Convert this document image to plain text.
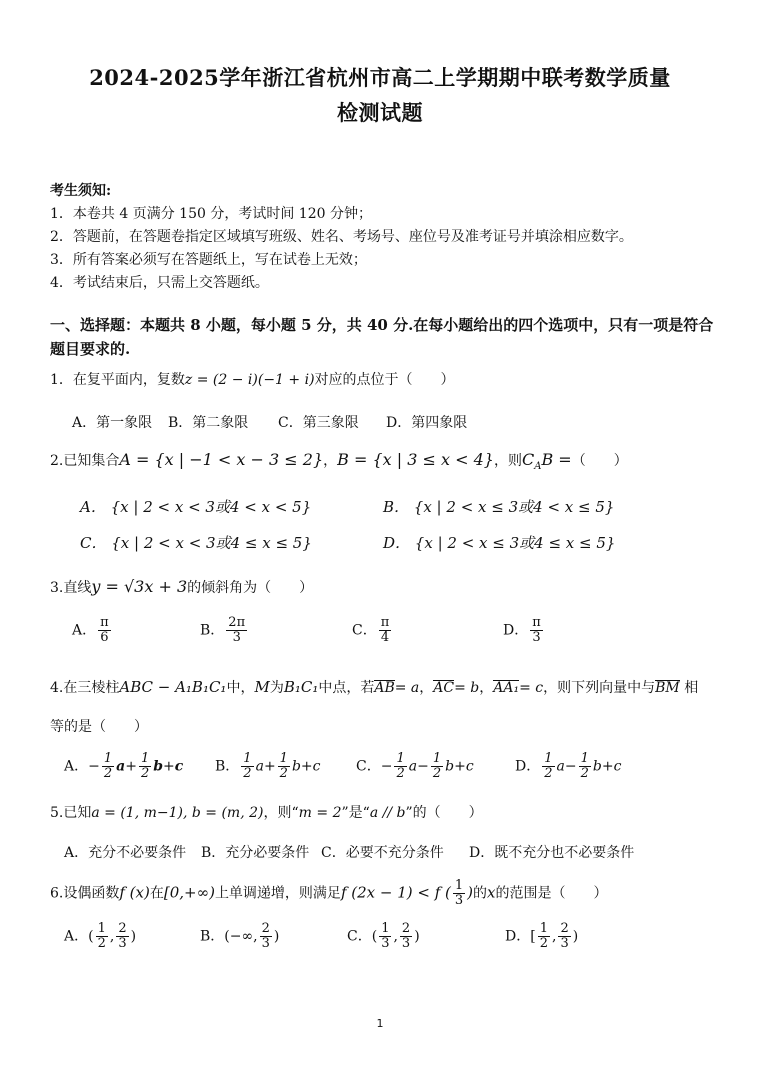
2024-2025学年浙江省杭州市高二上学期期中联考数学质量
检测试题
考生须知:
1．本卷共 4 页满分 150 分，考试时间 120 分钟；
2．答题前，在答题卷指定区域填写班级、姓名、考场号、座位号及准考证号并填涂相应数字。
3．所有答案必须写在答题纸上，写在试卷上无效；
4．考试结束后，只需上交答题纸。
一、选择题：本题共 8 小题，每小题 5 分，共 40 分.在每小题给出的四个选项中，只有一项是符合题目要求的.
1．在复平面内，复数z = (2 − i)(−1 + i)对应的点位于（　　）
A．第一象限 B．第二象限 C．第三象限 D．第四象限
2.已知集合A = {x | −1 < x − 3 ≤ 2}，B = {x | 3 ≤ x < 4}，则$C_AB$ =（　　）
A． {x | 2 < x < 3或4 < x < 5}	B． {x | 2 < x ≤ 3或4 < x ≤ 5}
C． {x | 2 < x < 3或4 ≤ x ≤ 5}	D． {x | 2 < x ≤ 3或4 ≤ x ≤ 5}
3.直线y = √3x + 3的倾斜角为（　　）
A． $\frac{\pi}{6}$	B． $\frac{2\pi}{3}$	C． $\frac{\pi}{4}$	D． $\frac{\pi}{3}$
4.在三棱柱ABC − A₁B₁C₁中，M为B₁C₁中点，若AB= a，AC= b，AA₁= c，则下列向量中与BM 相
等的是（　　）
A．− $\frac{1}{2} a+ \frac{1}{2} b+c$ B． $\frac{1}{2} a+ \frac{1}{2} b+c$	C．− $\frac{1}{2} a- \frac{1}{2} b+c$	D． $\frac{1}{2} a- \frac{1}{2} b+c$
5.已知a = (1, m−1), b = (m, 2)，则“m = 2”是“a // b”的（　　）
A．充分不必要条件 B．充分必要条件 C．必要不充分条件 D．既不充分也不必要条件
6.设偶函数f (x)在[0,+∞)上单调递增，则满足f (2x − 1) < f ( $\frac{1}{3}$ )的x的范围是（　　）
A．( $\frac{1}{2}$ , $\frac{2}{3}$ )	B．(−∞, $\frac{2}{3}$ )	C．( $\frac{1}{3}$ , $\frac{2}{3}$ )	D．[ $\frac{1}{2}$ , $\frac{2}{3}$ )
1
